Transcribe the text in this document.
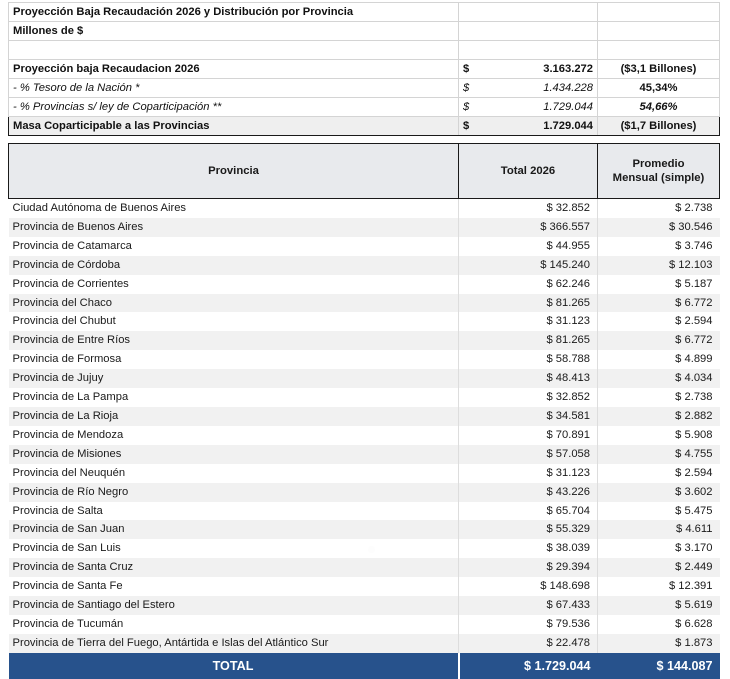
Proyección Baja Recaudación 2026 y Distribución por Provincia		
Millones de $		

Proyección baja Recaudacion 2026	$ 3.163.272	($3,1 Billones)
- % Tesoro de la Nación *	$ 1.434.228	45,34%
- % Provincias s/ ley de Coparticipación **	$ 1.729.044	54,66%
Masa Coparticipable a las Provincias	$ 1.729.044	($1,7 Billones)
Provincia	Total 2026	Promedio
Mensual (simple)
Ciudad Autónoma de Buenos Aires	$ 32.852	$ 2.738
Provincia de Buenos Aires	$ 366.557	$ 30.546
Provincia de Catamarca	$ 44.955	$ 3.746
Provincia de Córdoba	$ 145.240	$ 12.103
Provincia de Corrientes	$ 62.246	$ 5.187
Provincia del Chaco	$ 81.265	$ 6.772
Provincia del Chubut	$ 31.123	$ 2.594
Provincia de Entre Ríos	$ 81.265	$ 6.772
Provincia de Formosa	$ 58.788	$ 4.899
Provincia de Jujuy	$ 48.413	$ 4.034
Provincia de La Pampa	$ 32.852	$ 2.738
Provincia de La Rioja	$ 34.581	$ 2.882
Provincia de Mendoza	$ 70.891	$ 5.908
Provincia de Misiones	$ 57.058	$ 4.755
Provincia del Neuquén	$ 31.123	$ 2.594
Provincia de Río Negro	$ 43.226	$ 3.602
Provincia de Salta	$ 65.704	$ 5.475
Provincia de San Juan	$ 55.329	$ 4.611
Provincia de San Luis	$ 38.039	$ 3.170
Provincia de Santa Cruz	$ 29.394	$ 2.449
Provincia de Santa Fe	$ 148.698	$ 12.391
Provincia de Santiago del Estero	$ 67.433	$ 5.619
Provincia de Tucumán	$ 79.536	$ 6.628
Provincia de Tierra del Fuego, Antártida e Islas del Atlántico Sur	$ 22.478	$ 1.873
TOTAL	$ 1.729.044	$ 144.087
